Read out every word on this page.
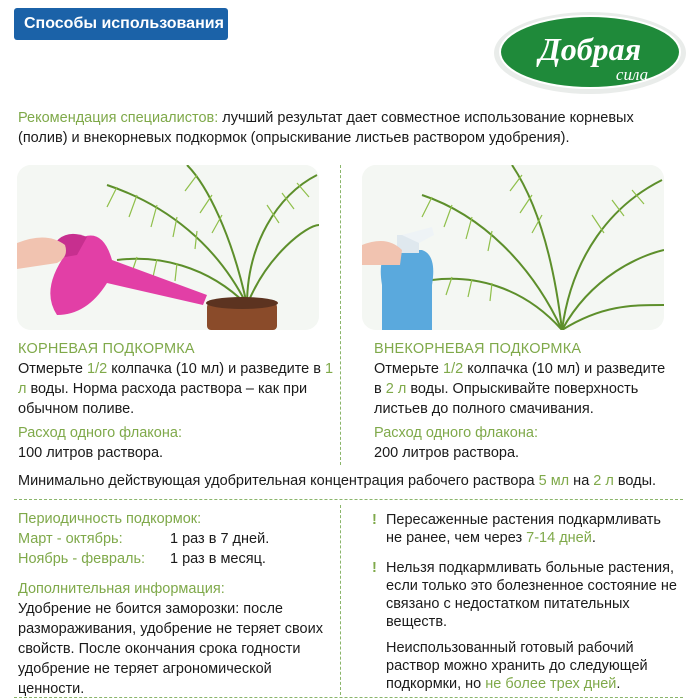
Способы использования
Добрая
сила
Рекомендация специалистов: лучший результат дает совместное использование корневых (полив) и внекорневых подкормок (опрыскивание листьев раствором удобрения).
КОРНЕВАЯ ПОДКОРМКА
Отмерьте 1/2 колпачка (10 мл) и разведите в 1 л воды. Норма расхода раствора – как при обычном поливе.
Расход одного флакона:
100 литров раствора.
ВНЕКОРНЕВАЯ ПОДКОРМКА
Отмерьте 1/2 колпачка (10 мл) и разведите в 2 л воды. Опрыскивайте поверхность листьев до полного смачивания.
Расход одного флакона:
200 литров раствора.
Минимально действующая удобрительная концентрация рабочего раствора 5 мл на 2 л воды.
Периодичность подкормок:
Март - октябрь:	1 раз в 7 дней.
Ноябрь - февраль:	1 раз в месяц.
Дополнительная информация:
Удобрение не боится заморозки: после размораживания, удобрение не теряет своих свойств. После окончания срока годности удобрение не теряет агрономической ценности.
! Пересаженные растения подкармливать не ранее, чем через 7-14 дней.
! Нельзя подкармливать больные растения, если только это болезненное состояние не связано с недостатком питательных веществ.
Неиспользованный готовый рабочий раствор можно хранить до следующей подкормки, но не более трех дней.
